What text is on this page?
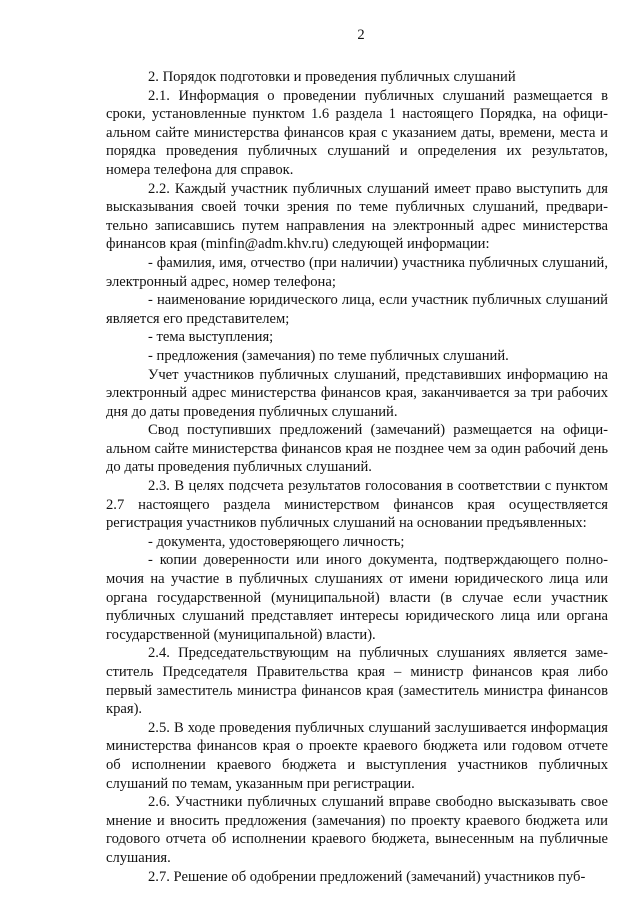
2

2. Порядок подготовки и проведения публичных слушаний

2.1. Информация о проведении публичных слушаний размещается в сроки, установленные пунктом 1.6 раздела 1 настоящего Порядка, на официальном сайте министерства финансов края с указанием даты, времени, места и порядка проведения публичных слушаний и определения их результатов, номера телефона для справок.

2.2. Каждый участник публичных слушаний имеет право выступить для высказывания своей точки зрения по теме публичных слушаний, предварительно записавшись путем направления на электронный адрес министерства финансов края (minfin@adm.khv.ru) следующей информации:

- фамилия, имя, отчество (при наличии) участника публичных слушаний, электронный адрес, номер телефона;

- наименование юридического лица, если участник публичных слушаний является его представителем;

- тема выступления;

- предложения (замечания) по теме публичных слушаний.

Учет участников публичных слушаний, представивших информацию на электронный адрес министерства финансов края, заканчивается за три рабочих дня до даты проведения публичных слушаний.

Свод поступивших предложений (замечаний) размещается на официальном сайте министерства финансов края не позднее чем за один рабочий день до даты проведения публичных слушаний.

2.3. В целях подсчета результатов голосования в соответствии с пунктом 2.7 настоящего раздела министерством финансов края осуществляется регистрация участников публичных слушаний на основании предъявленных:

- документа, удостоверяющего личность;

- копии доверенности или иного документа, подтверждающего полномочия на участие в публичных слушаниях от имени юридического лица или органа государственной (муниципальной) власти (в случае если участник публичных слушаний представляет интересы юридического лица или органа государственной (муниципальной) власти).

2.4. Председательствующим на публичных слушаниях является заместитель Председателя Правительства края – министр финансов края либо первый заместитель министра финансов края (заместитель министра финансов края).

2.5. В ходе проведения публичных слушаний заслушивается информация министерства финансов края о проекте краевого бюджета или годовом отчете об исполнении краевого бюджета и выступления участников публичных слушаний по темам, указанным при регистрации.

2.6. Участники публичных слушаний вправе свободно высказывать свое мнение и вносить предложения (замечания) по проекту краевого бюджета или годового отчета об исполнении краевого бюджета, вынесенным на публичные слушания.

2.7. Решение об одобрении предложений (замечаний) участников пуб-
